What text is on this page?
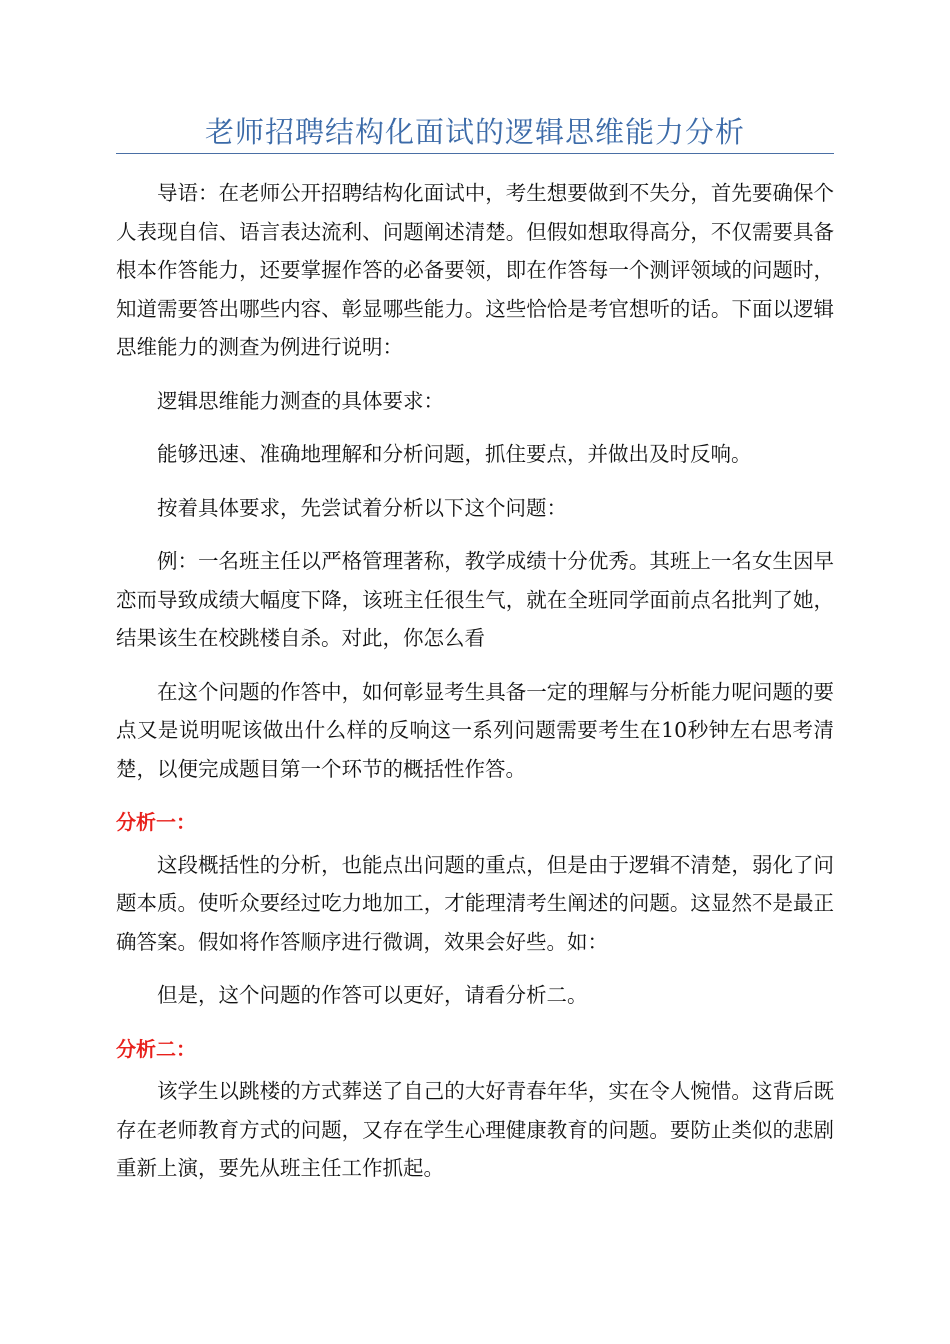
老师招聘结构化面试的逻辑思维能力分析

导语：在老师公开招聘结构化面试中，考生想要做到不失分，首先要确保个人表现自信、语言表达流利、问题阐述清楚。但假如想取得高分，不仅需要具备根本作答能力，还要掌握作答的必备要领，即在作答每一个测评领域的问题时，知道需要答出哪些内容、彰显哪些能力。这些恰恰是考官想听的话。下面以逻辑思维能力的测查为例进行说明：

逻辑思维能力测查的具体要求：

能够迅速、准确地理解和分析问题，抓住要点，并做出及时反响。

按着具体要求，先尝试着分析以下这个问题：

例：一名班主任以严格管理著称，教学成绩十分优秀。其班上一名女生因早恋而导致成绩大幅度下降，该班主任很生气，就在全班同学面前点名批判了她，结果该生在校跳楼自杀。对此，你怎么看

在这个问题的作答中，如何彰显考生具备一定的理解与分析能力呢问题的要点又是说明呢该做出什么样的反响这一系列问题需要考生在10秒钟左右思考清楚，以便完成题目第一个环节的概括性作答。

分析一：

这段概括性的分析，也能点出问题的重点，但是由于逻辑不清楚，弱化了问题本质。使听众要经过吃力地加工，才能理清考生阐述的问题。这显然不是最正确答案。假如将作答顺序进行微调，效果会好些。如：

但是，这个问题的作答可以更好，请看分析二。

分析二：

该学生以跳楼的方式葬送了自己的大好青春年华，实在令人惋惜。这背后既存在老师教育方式的问题，又存在学生心理健康教育的问题。要防止类似的悲剧重新上演，要先从班主任工作抓起。
